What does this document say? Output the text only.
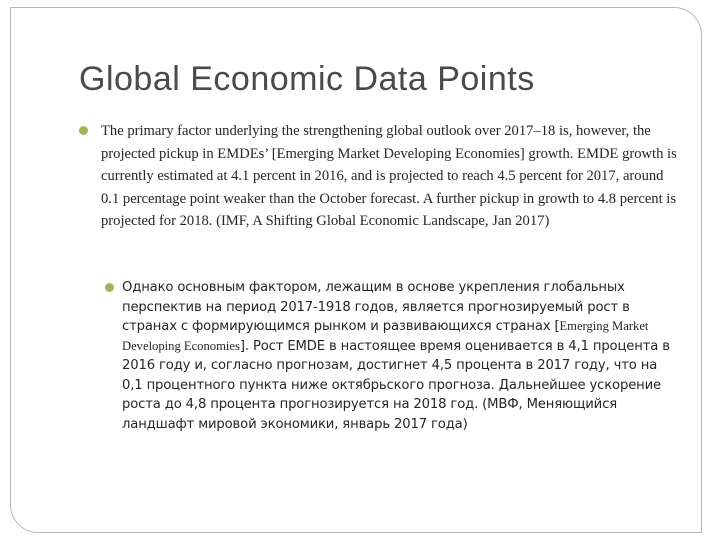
Global Economic Data Points

The primary factor underlying the strengthening global outlook over 2017–18 is, however, the projected pickup in EMDEs’ [Emerging Market Developing Economies] growth. EMDE growth is currently estimated at 4.1 percent in 2016, and is projected to reach 4.5 percent for 2017, around 0.1 percentage point weaker than the October forecast. A further pickup in growth to 4.8 percent is projected for 2018. (IMF, A Shifting Global Economic Landscape, Jan 2017)

Однако основным фактором, лежащим в основе укрепления глобальных перспектив на период 2017-1918 годов, является прогнозируемый рост в странах с формирующимся рынком и развивающихся странах [Emerging Market Developing Economies]. Рост EMDE в настоящее время оценивается в 4,1 процента в 2016 году и, согласно прогнозам, достигнет 4,5 процента в 2017 году, что на 0,1 процентного пункта ниже октябрьского прогноза. Дальнейшее ускорение роста до 4,8 процента прогнозируется на 2018 год. (МВФ, Меняющийся ландшафт мировой экономики, январь 2017 года)
